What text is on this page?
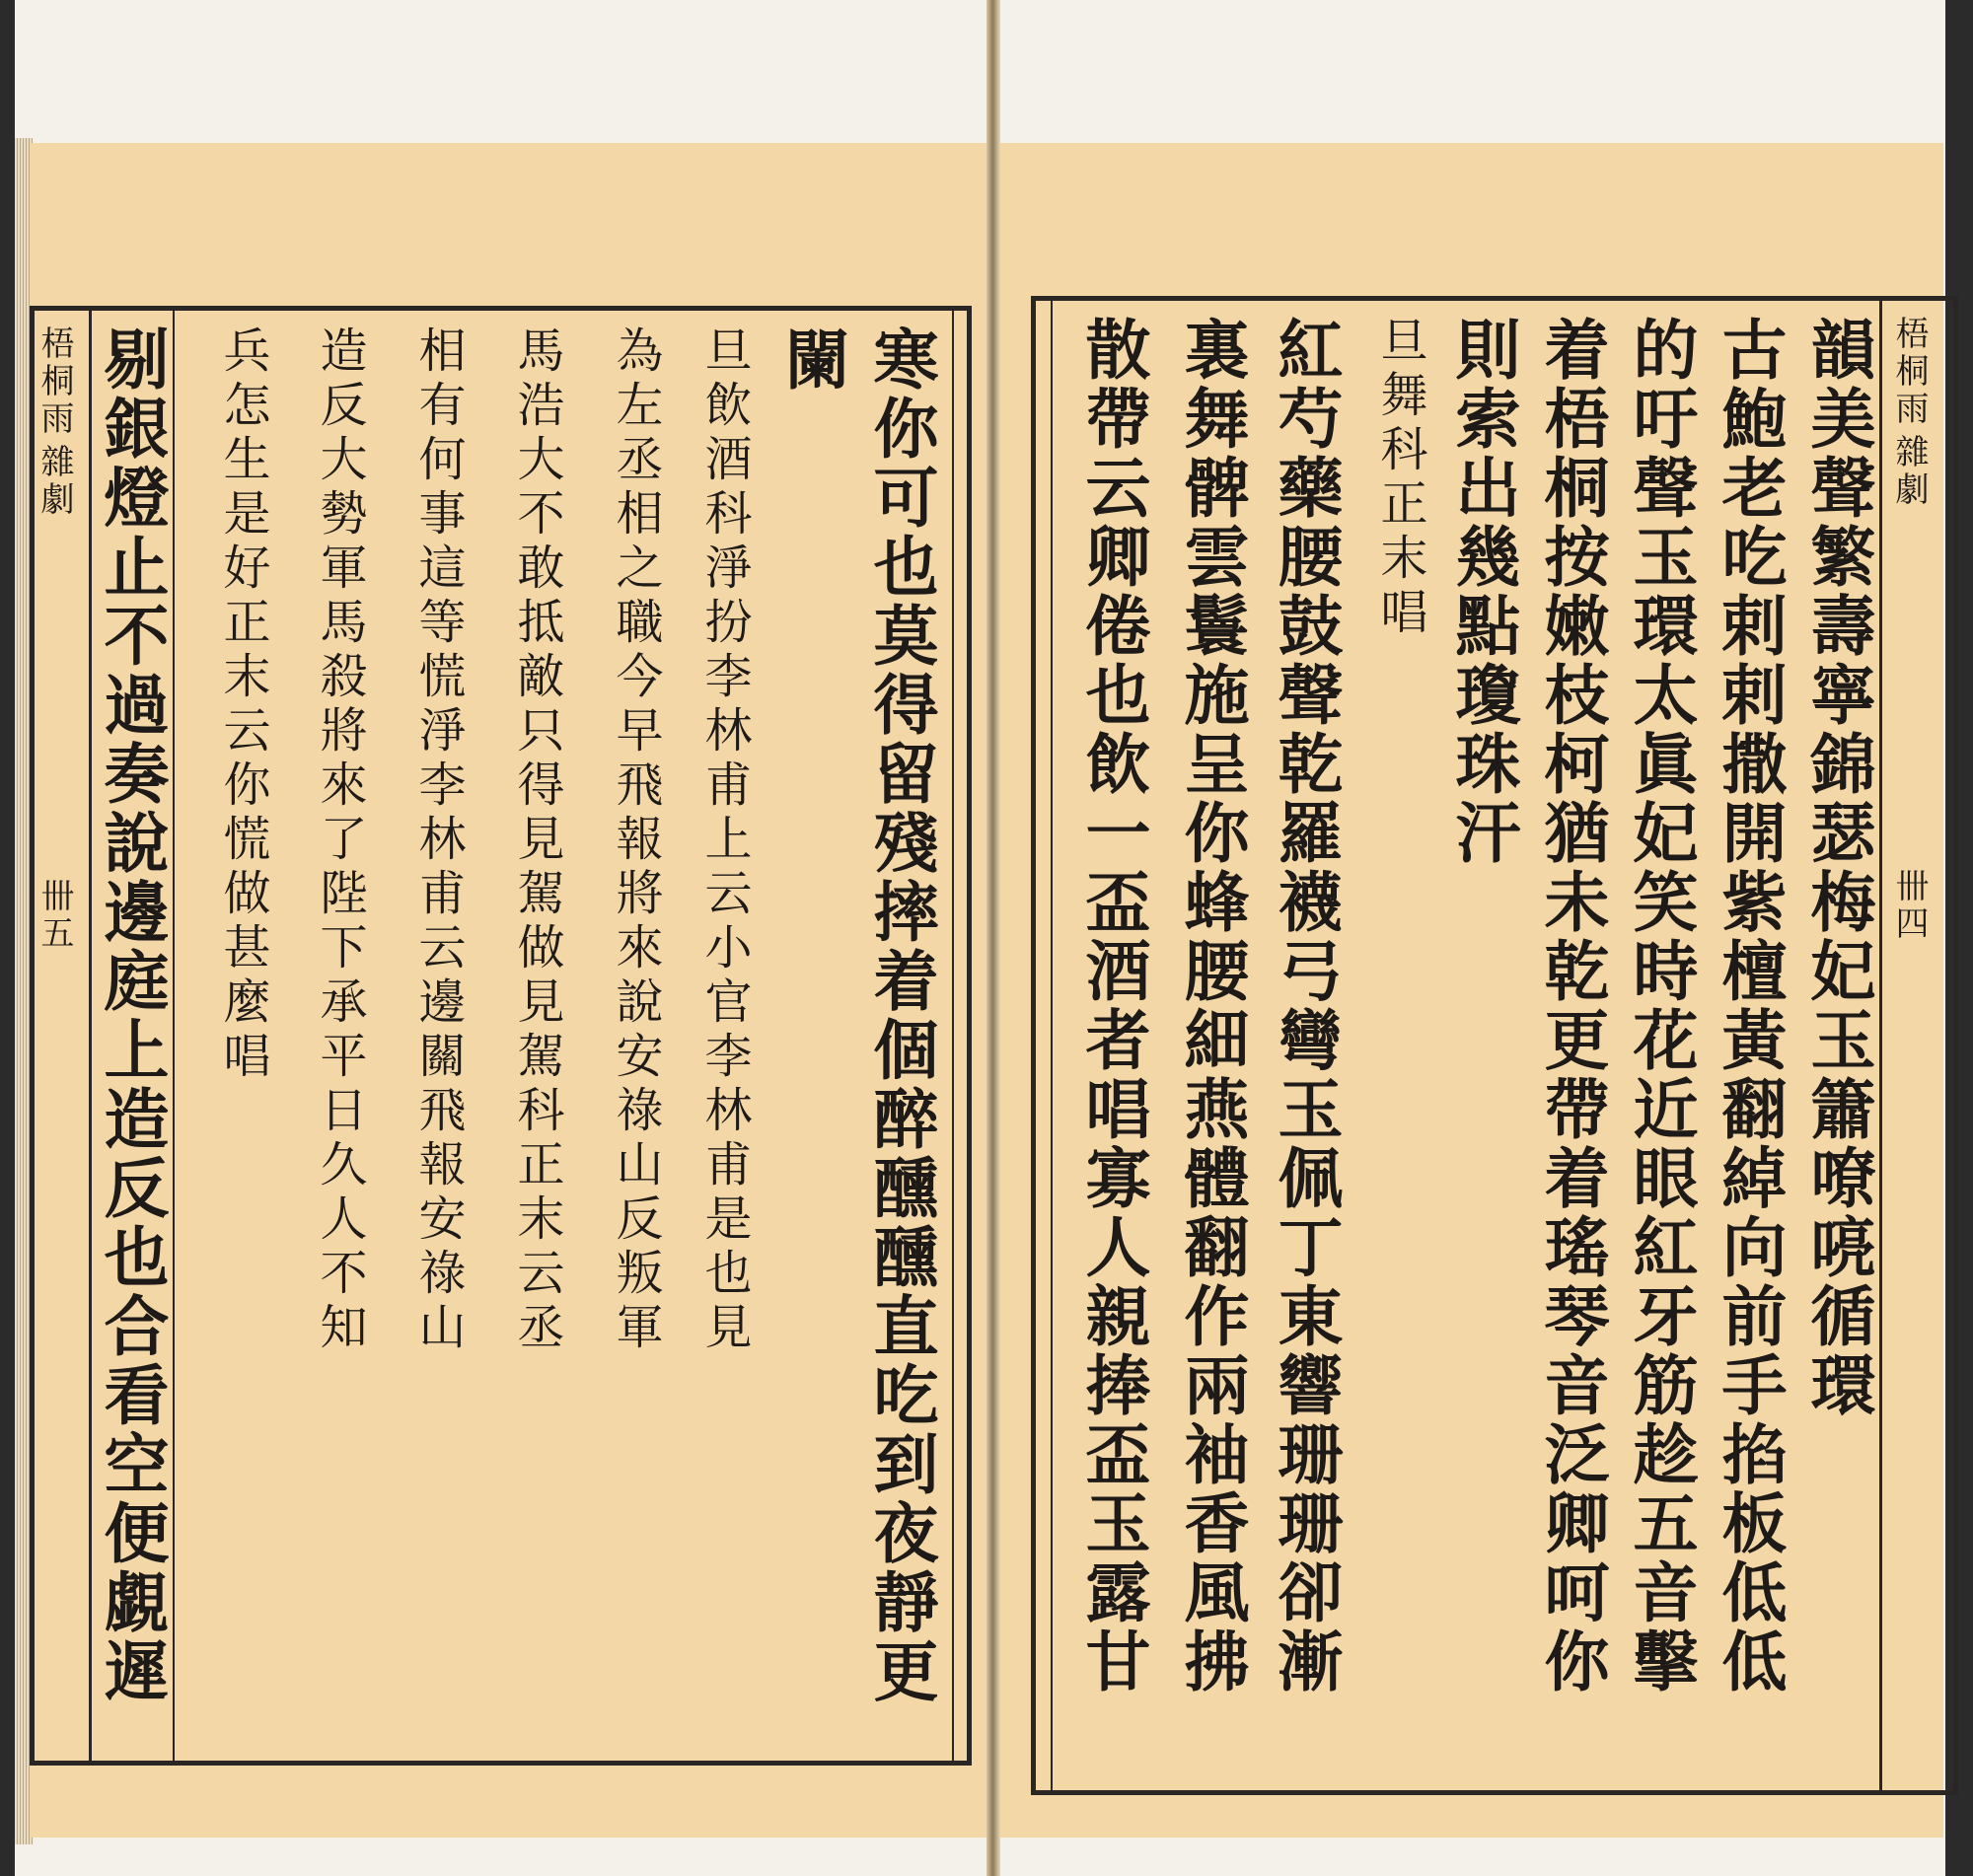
梧桐雨
雜劇
卌五	寒你可也莫得留殘摔着個醉醺醺直吃到夜靜更
闌
旦飲酒科淨扮李林甫上云小官李林甫是也見
為左丞相之職今早飛報將來說安祿山反叛軍
馬浩大不敢抵敵只得見駕做見駕科正末云丞
相有何事這等慌淨李林甫云邊關飛報安祿山
造反大勢軍馬殺將來了陛下承平日久人不知
兵怎生是好正末云你慌做甚麼唱
剔銀燈止不過奏說邊庭上造反也合看空便覷遲	梧桐雨
雜劇
卌四
韻美聲繁壽寧錦瑟梅妃玉簫嘹喨循環
古鮑老吃剌剌撒開紫檀黃翻綽向前手掐板低低
的吁聲玉環太眞妃笑時花近眼紅牙筋趁五音擊
着梧桐按嫩枝柯猶未乾更帶着瑤琴音泛卿呵你
則索出幾點瓊珠汗
旦舞科正末唱
紅芍藥腰鼓聲乾羅襪弓彎玉佩丁東響珊珊卻漸
裏舞髀雲鬟施呈你蜂腰細燕體翻作兩袖香風拂
散帶云卿倦也飲一盃酒者唱寡人親捧盃玉露甘
